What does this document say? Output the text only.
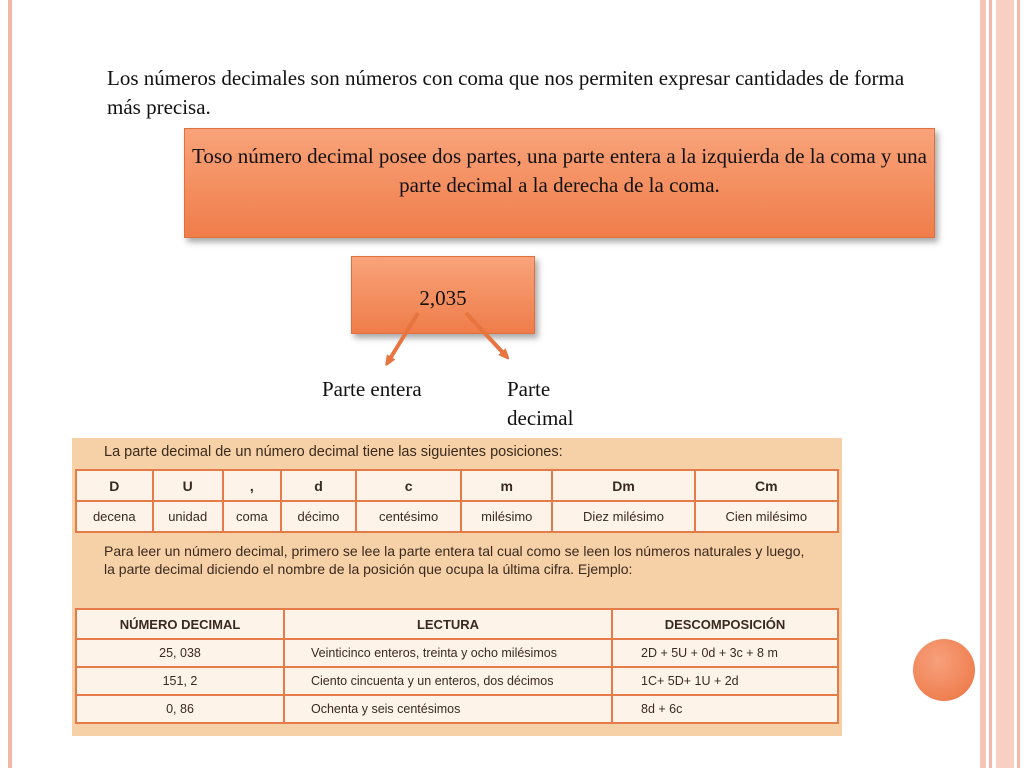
Los números decimales son números con coma que nos permiten expresar cantidades de forma más precisa.
Toso número decimal posee dos partes, una parte entera a la izquierda de la coma y una parte decimal a la derecha de la coma.
2,035
Parte entera	Parte decimal
La parte decimal de un número decimal tiene las siguientes posiciones:
D	U	,	d	c	m	Dm	Cm
decena	unidad	coma	décimo	centésimo	milésimo	Diez milésimo	Cien milésimo
Para leer un número decimal, primero se lee la parte entera tal cual como se leen los números naturales y luego, la parte decimal diciendo el nombre de la posición que ocupa la última cifra. Ejemplo:
NÚMERO DECIMAL	LECTURA	DESCOMPOSICIÓN
25, 038	Veinticinco enteros, treinta y ocho milésimos	2D + 5U + 0d + 3c + 8 m
151, 2	Ciento cincuenta y un enteros, dos décimos	1C+ 5D+ 1U + 2d
0, 86	Ochenta y seis centésimos	8d + 6c
